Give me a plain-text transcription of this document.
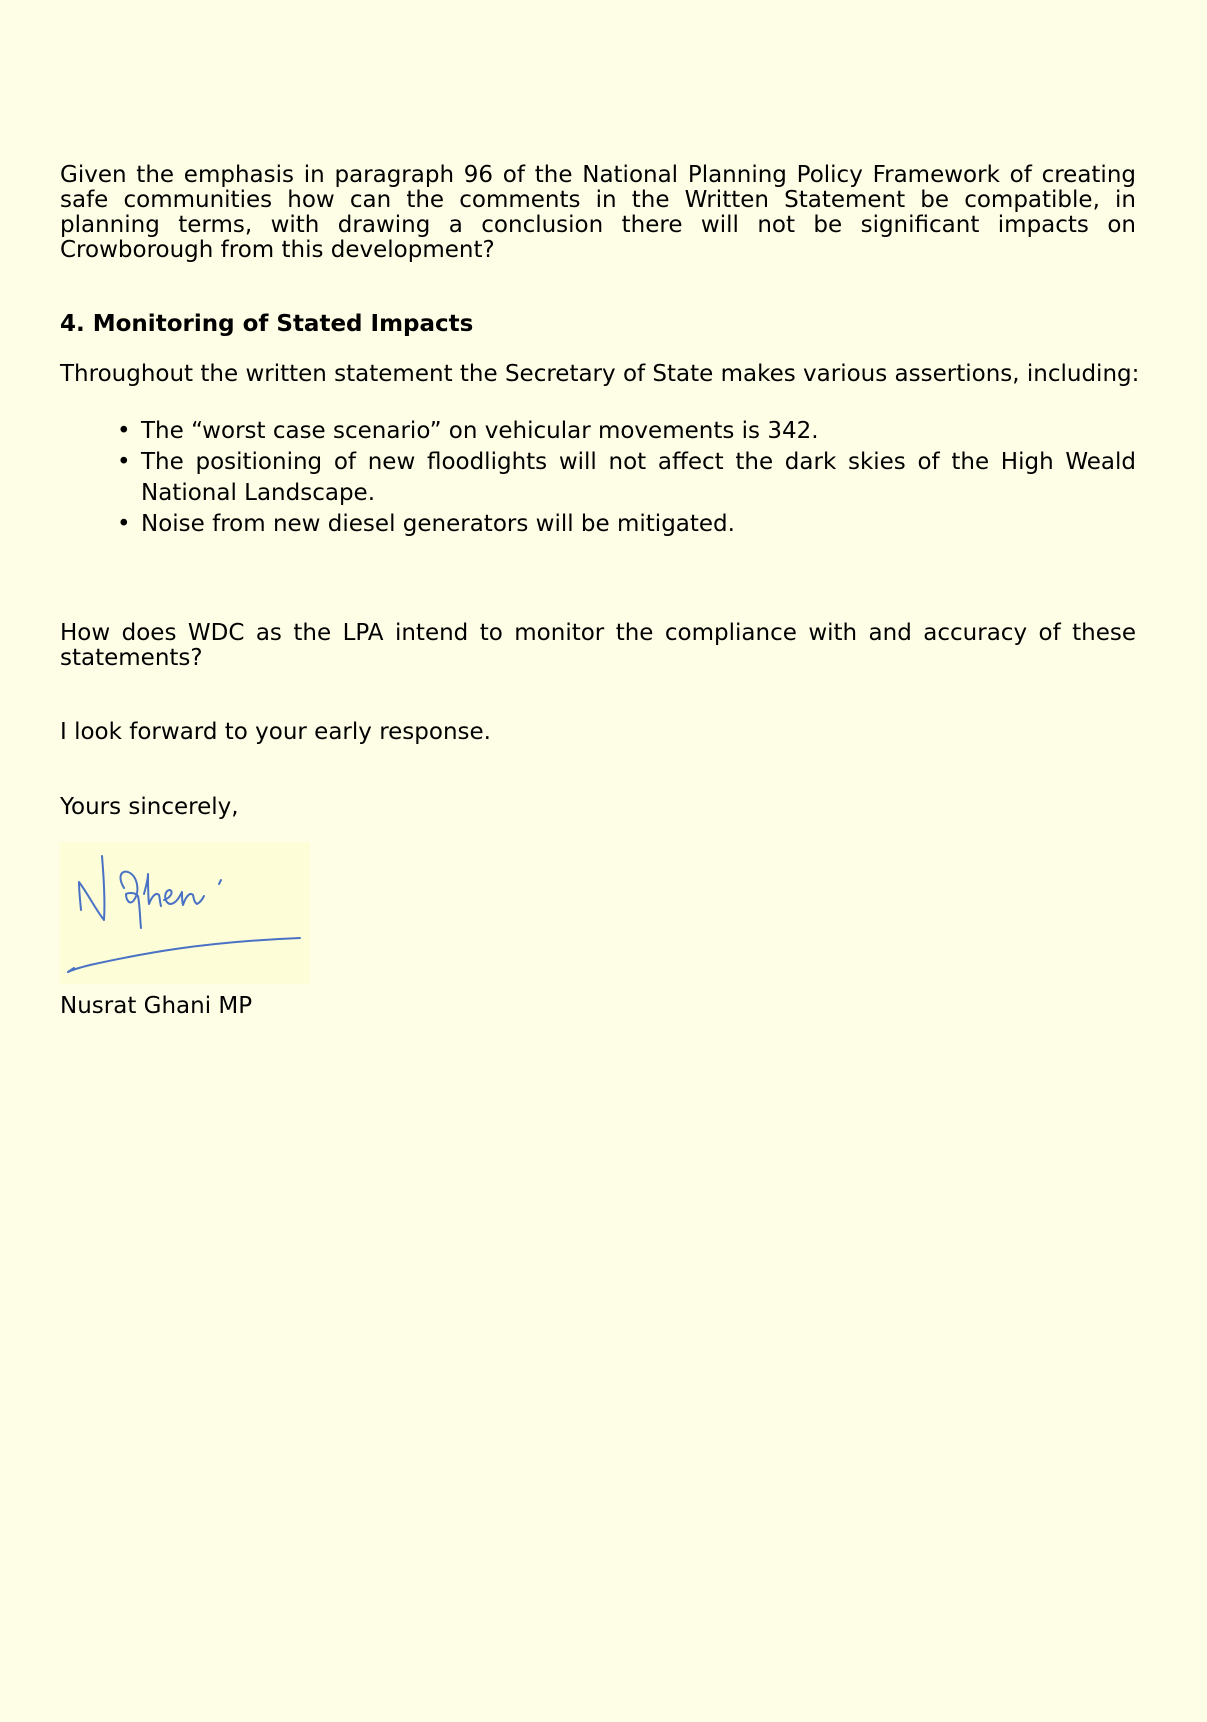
Given the emphasis in paragraph 96 of the National Planning Policy Framework of creating safe communities how can the comments in the Written Statement be compatible, in planning terms, with drawing a conclusion there will not be significant impacts on Crowborough from this development?

4. Monitoring of Stated Impacts

Throughout the written statement the Secretary of State makes various assertions, including:

• The “worst case scenario” on vehicular movements is 342.
• The positioning of new floodlights will not affect the dark skies of the High Weald National Landscape.
• Noise from new diesel generators will be mitigated.

How does WDC as the LPA intend to monitor the compliance with and accuracy of these statements?

I look forward to your early response.

Yours sincerely,

Nusrat Ghani MP
